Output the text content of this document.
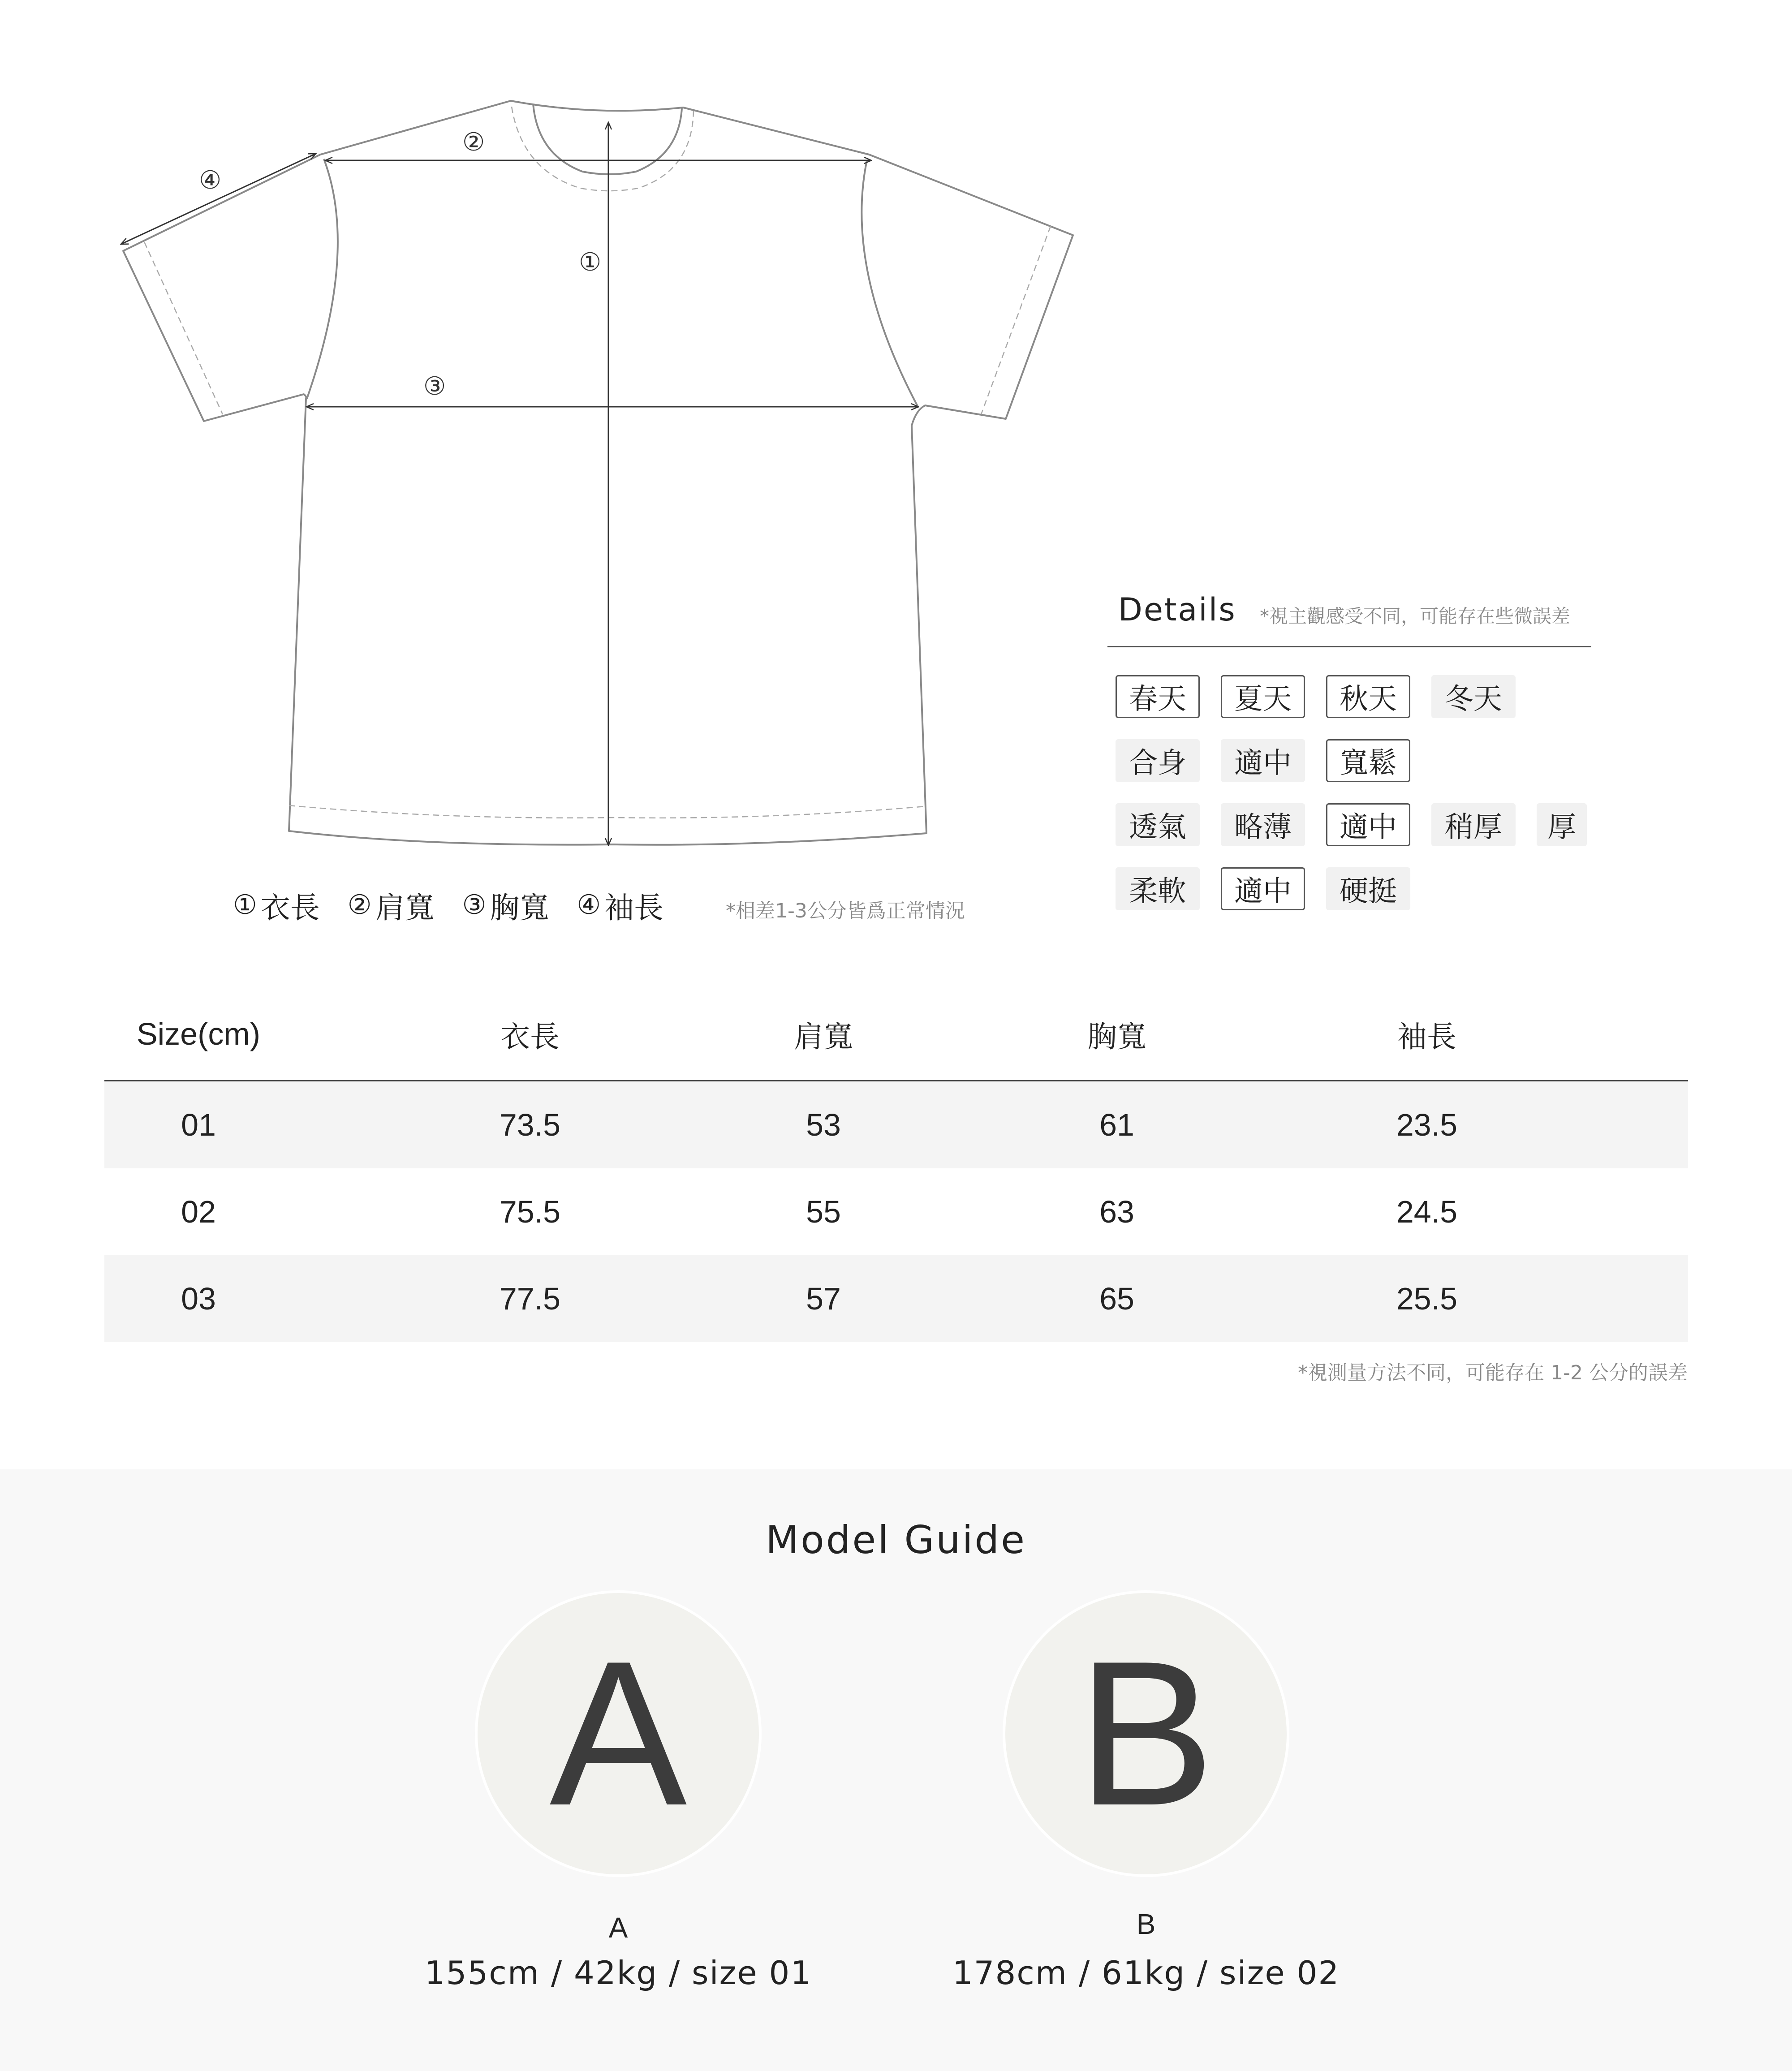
①
②
③
④
① 衣長 ② 肩寬 ③ 胸寬 ④ 袖長	*相差1-3公分皆爲正常情況
Details *視主觀感受不同，可能存在些微誤差
春天	夏天	秋天	冬天
合身	適中	寬鬆
透氣	略薄	適中	稍厚	厚
柔軟	適中	硬挺
Size(cm)	衣長	肩寬	胸寬	袖長
01	73.5	53	61	23.5
02	75.5	55	63	24.5
03	77.5	57	65	25.5
*視測量方法不同，可能存在 1-2 公分的誤差
Model Guide
A
A
155cm / 42kg / size 01
B
B
178cm / 61kg / size 02
